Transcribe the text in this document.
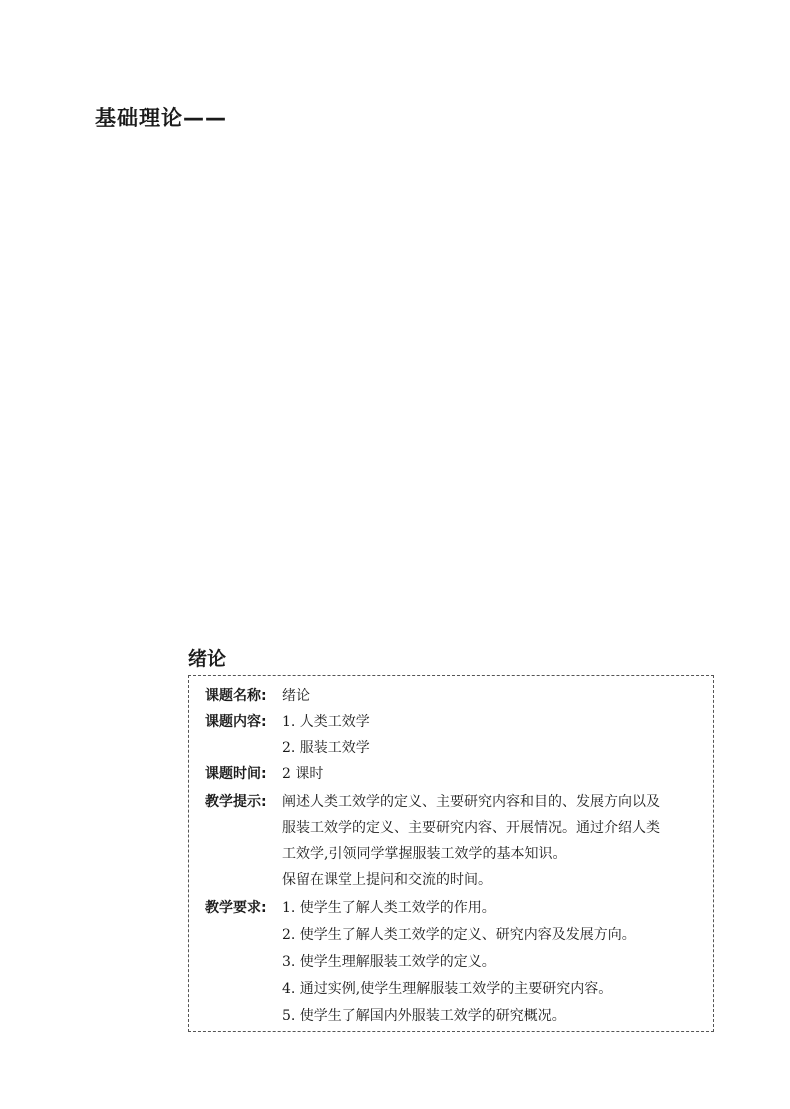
基础理论——
绪论
课题名称: 绪论
课题内容: 1. 人类工效学
2. 服装工效学
课题时间: 2 课时
教学提示: 阐述人类工效学的定义、主要研究内容和目的、发展方向以及
服装工效学的定义、主要研究内容、开展情况。通过介绍人类
工效学,引领同学掌握服装工效学的基本知识。
保留在课堂上提问和交流的时间。
教学要求: 1. 使学生了解人类工效学的作用。
2. 使学生了解人类工效学的定义、研究内容及发展方向。
3. 使学生理解服装工效学的定义。
4. 通过实例,使学生理解服装工效学的主要研究内容。
5. 使学生了解国内外服装工效学的研究概况。
